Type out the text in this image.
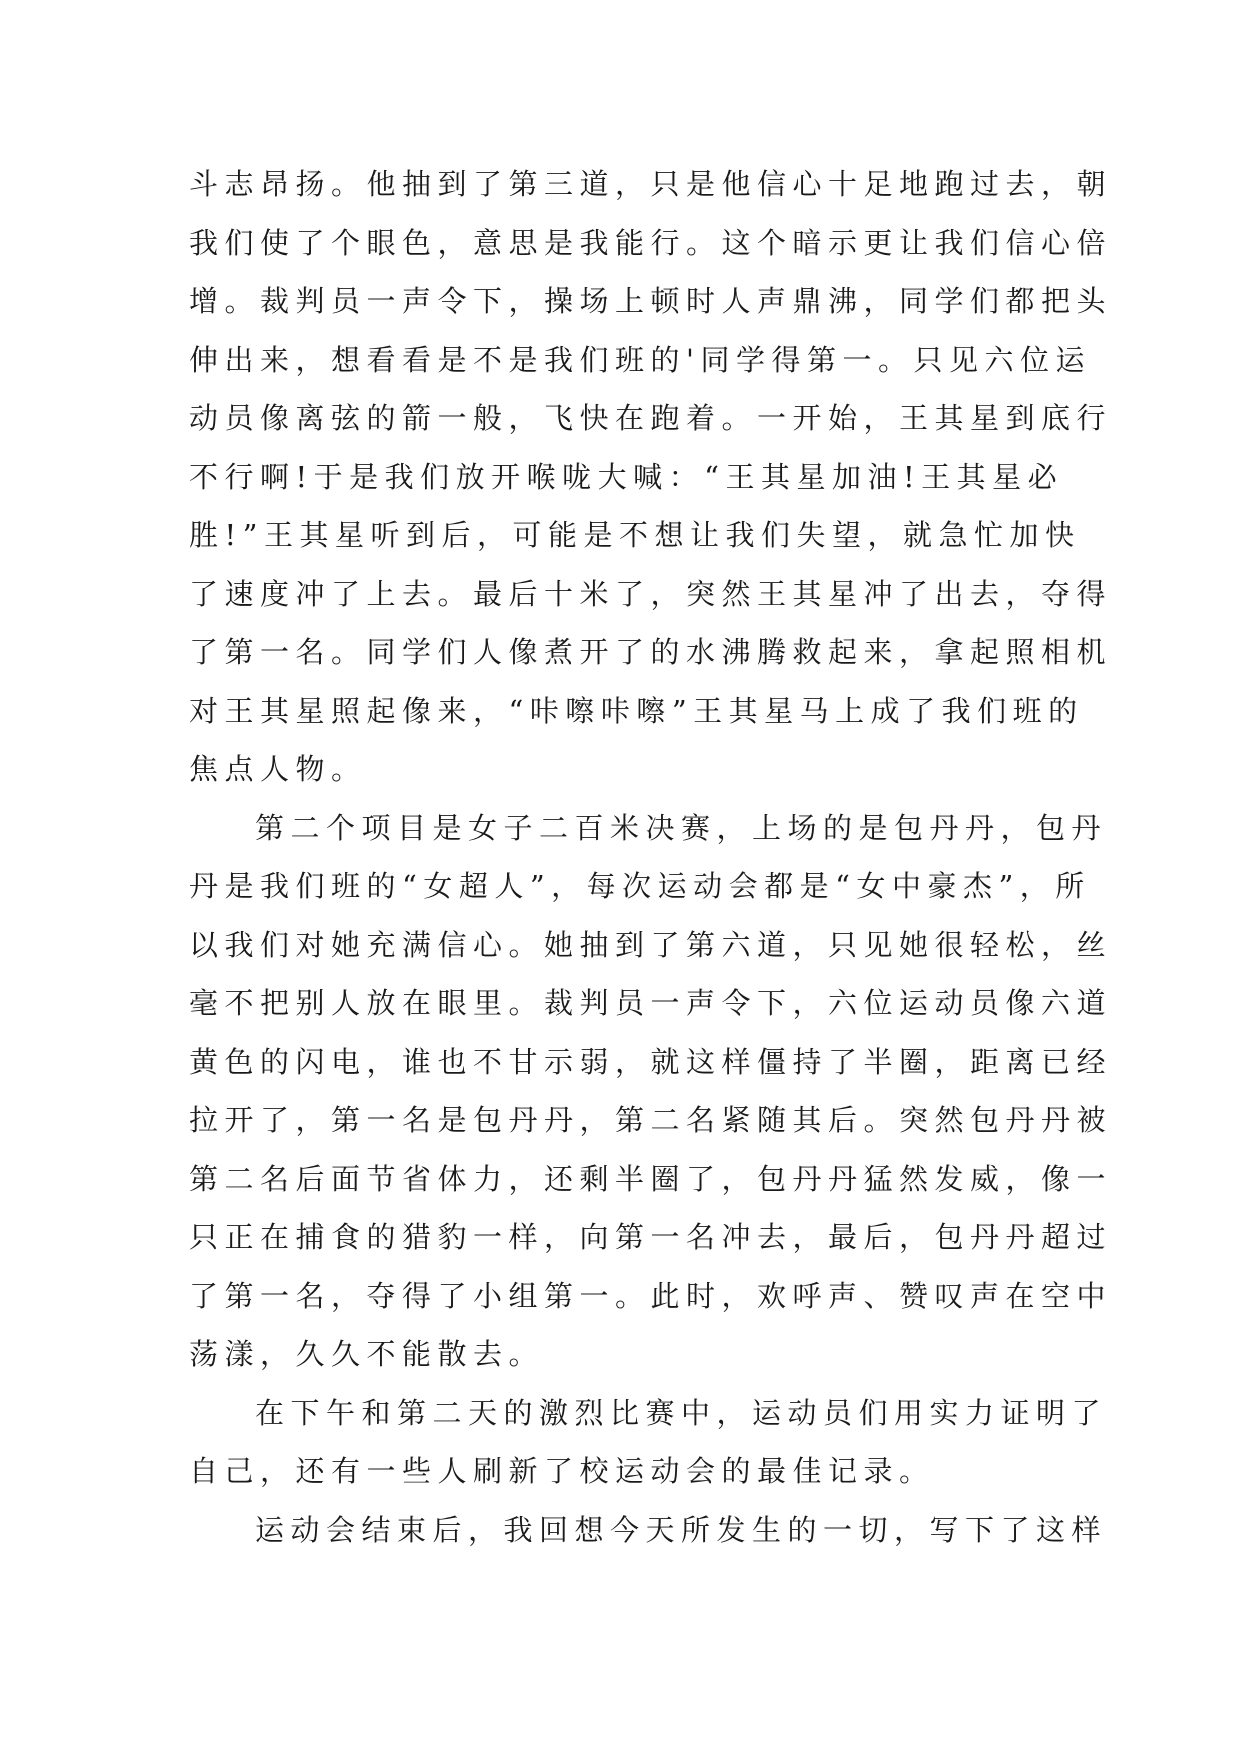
斗志昂扬。他抽到了第三道，只是他信心十足地跑过去，朝
我们使了个眼色，意思是我能行。这个暗示更让我们信心倍
增。裁判员一声令下，操场上顿时人声鼎沸，同学们都把头
伸出来，想看看是不是我们班的'同学得第一。只见六位运
动员像离弦的箭一般，飞快在跑着。一开始，王其星到底行
不行啊!于是我们放开喉咙大喊：“王其星加油!王其星必
胜!”王其星听到后，可能是不想让我们失望，就急忙加快
了速度冲了上去。最后十米了，突然王其星冲了出去，夺得
了第一名。同学们人像煮开了的水沸腾救起来，拿起照相机
对王其星照起像来，“咔嚓咔嚓”王其星马上成了我们班的
焦点人物。
第二个项目是女子二百米决赛，上场的是包丹丹，包丹
丹是我们班的“女超人”，每次运动会都是“女中豪杰”，所
以我们对她充满信心。她抽到了第六道，只见她很轻松，丝
毫不把别人放在眼里。裁判员一声令下，六位运动员像六道
黄色的闪电，谁也不甘示弱，就这样僵持了半圈，距离已经
拉开了，第一名是包丹丹，第二名紧随其后。突然包丹丹被
第二名后面节省体力，还剩半圈了，包丹丹猛然发威，像一
只正在捕食的猎豹一样，向第一名冲去，最后，包丹丹超过
了第一名，夺得了小组第一。此时，欢呼声、赞叹声在空中
荡漾，久久不能散去。
在下午和第二天的激烈比赛中，运动员们用实力证明了
自己，还有一些人刷新了校运动会的最佳记录。
运动会结束后，我回想今天所发生的一切，写下了这样
